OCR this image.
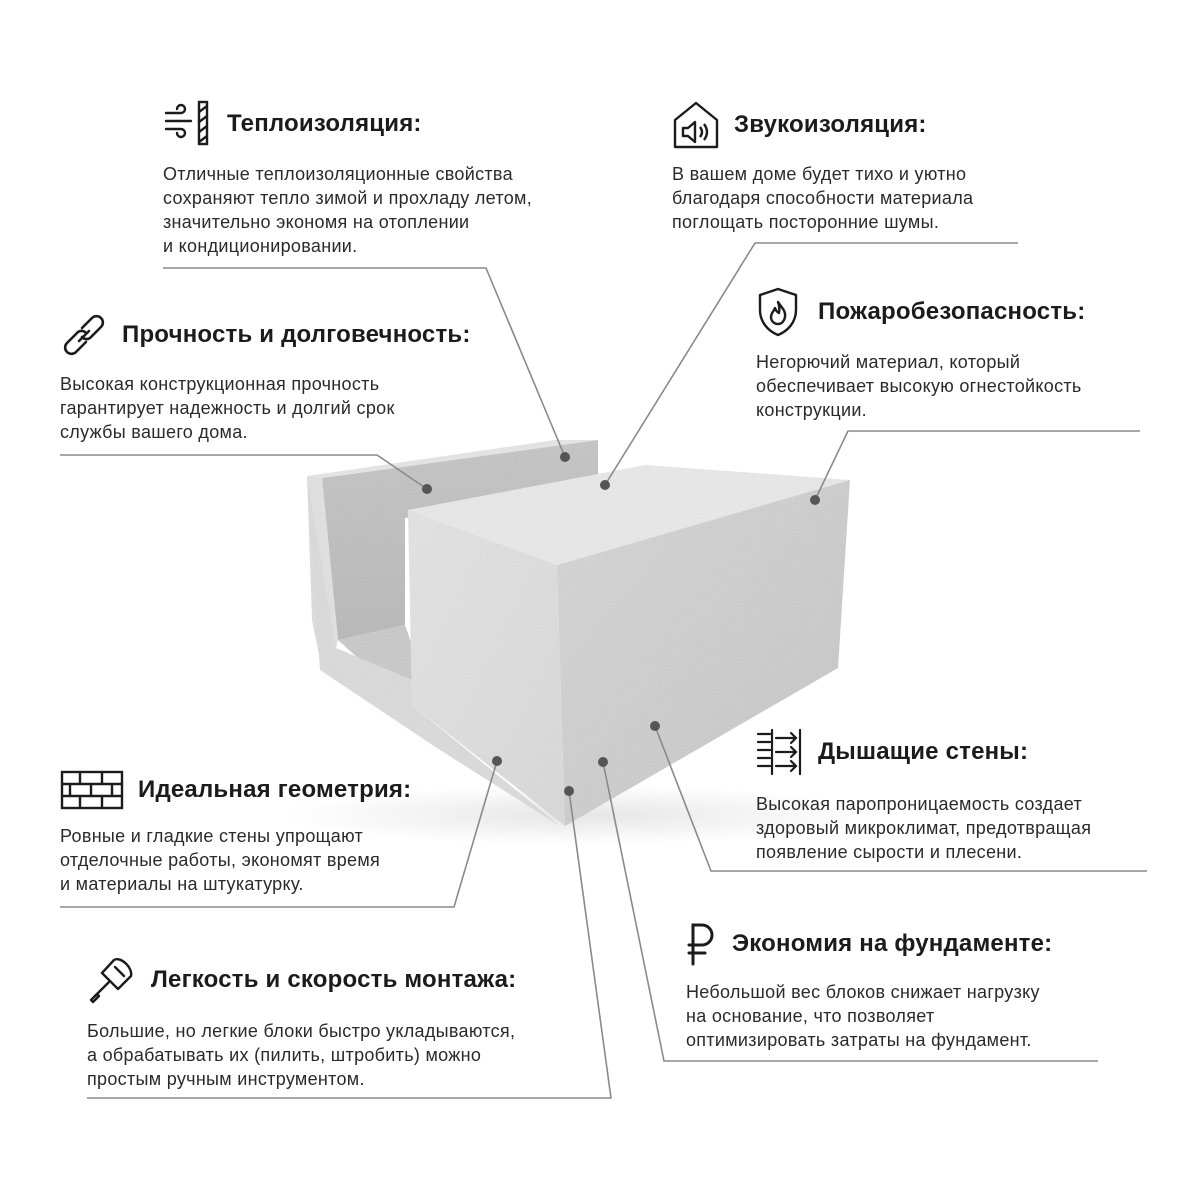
Теплоизоляция:

Отличные теплоизоляционные свойства
сохраняют тепло зимой и прохладу летом,
значительно экономя на отоплении
и кондиционировании.

Звукоизоляция:

В вашем доме будет тихо и уютно
благодаря способности материала
поглощать посторонние шумы.

Прочность и долговечность:

Высокая конструкционная прочность
гарантирует надежность и долгий срок
службы вашего дома.

Пожаробезопасность:

Негорючий материал, который
обеспечивает высокую огнестойкость
конструкции.

Дышащие стены:

Высокая паропроницаемость создает
здоровый микроклимат, предотвращая
появление сырости и плесени.

Идеальная геометрия:

Ровные и гладкие стены упрощают
отделочные работы, экономят время
и материалы на штукатурку.

Экономия на фундаменте:

Небольшой вес блоков снижает нагрузку
на основание, что позволяет
оптимизировать затраты на фундамент.

Легкость и скорость монтажа:

Большие, но легкие блоки быстро укладываются,
а обрабатывать их (пилить, штробить) можно
простым ручным инструментом.
